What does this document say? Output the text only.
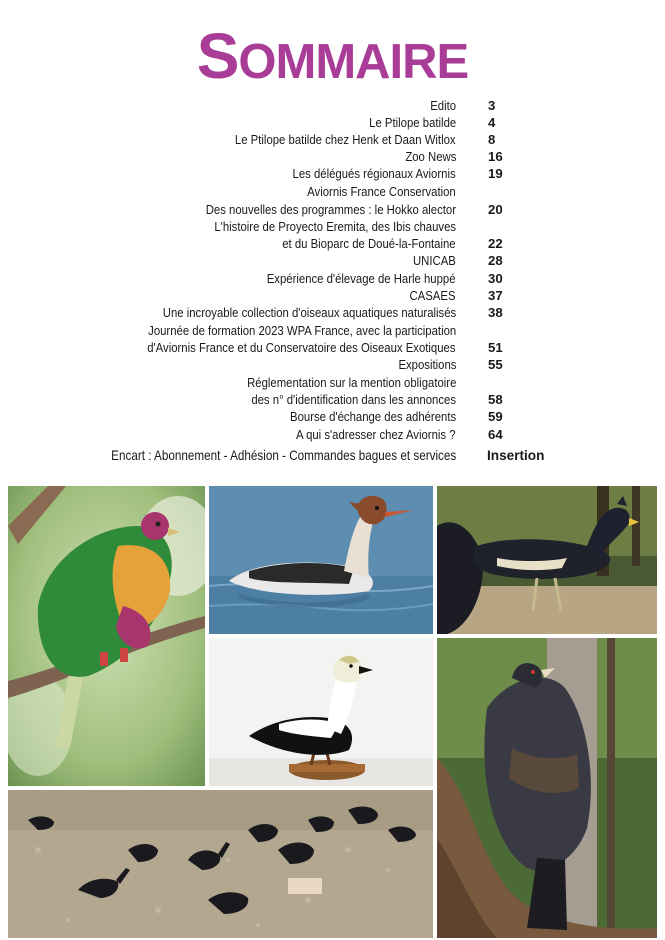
SOMMAIRE
Edito 3
Le Ptilope batilde 4
Le Ptilope batilde chez Henk et Daan Witlox 8
Zoo News 16
Les délégués régionaux Aviornis 19
Aviornis France Conservation
Des nouvelles des programmes : le Hokko alector 20
L'histoire de Proyecto Eremita, des Ibis chauves
et du Bioparc de Doué-la-Fontaine 22
UNICAB 28
Expérience d'élevage de Harle huppé 30
CASAES 37
Une incroyable collection d'oiseaux aquatiques naturalisés 38
Journée de formation 2023 WPA France, avec la participation
d'Aviornis France et du Conservatoire des Oiseaux Exotiques 51
Expositions 55
Réglementation sur la mention obligatoire
des n° d'identification dans les annonces 58
Bourse d'échange des adhérents 59
A qui s'adresser chez Aviornis ? 64
Encart : Abonnement - Adhésion - Commandes bagues et services Insertion
